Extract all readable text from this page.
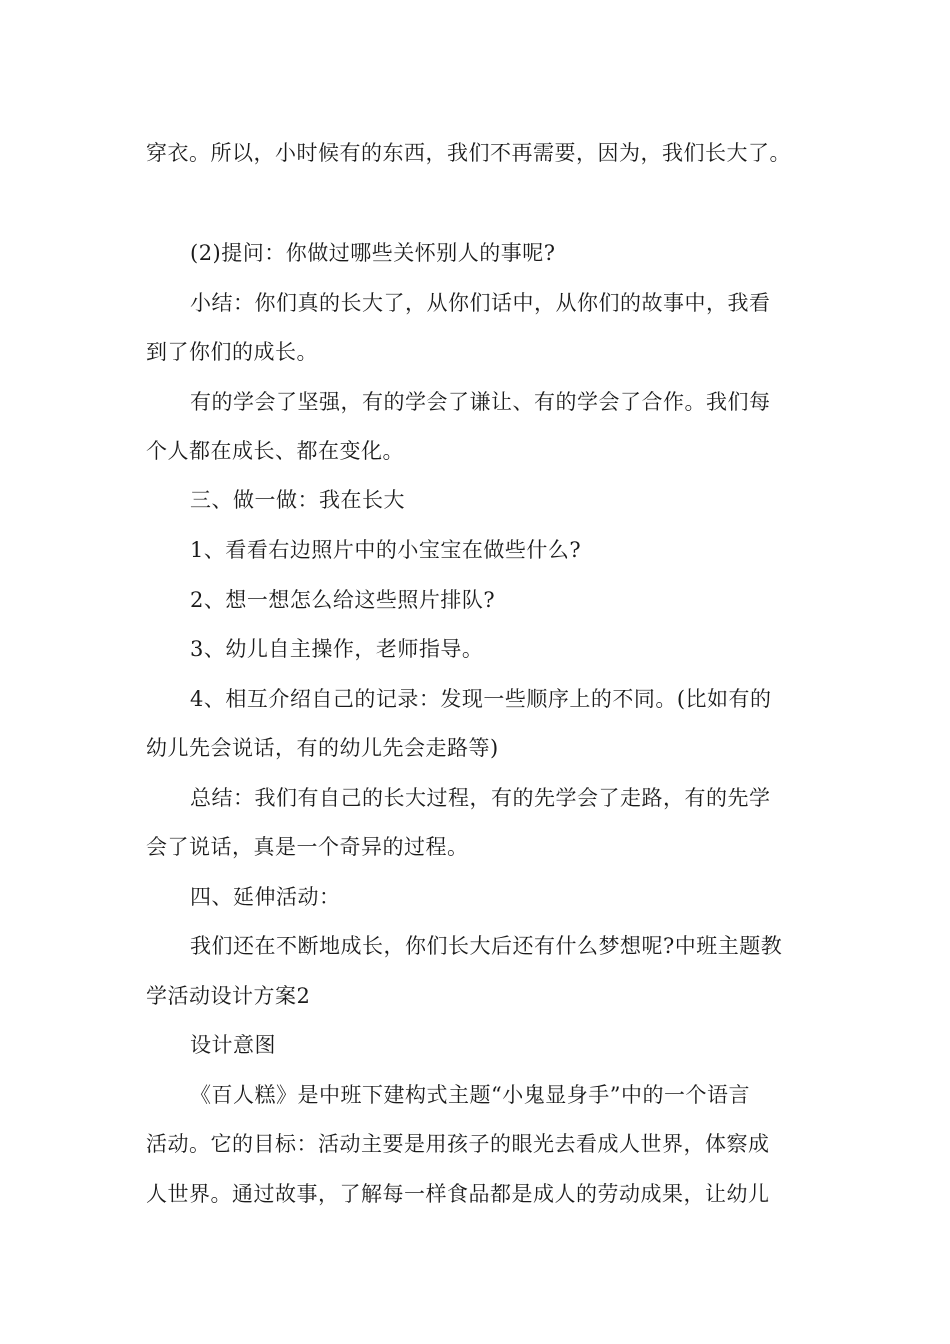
穿衣。所以，小时候有的东西，我们不再需要，因为，我们长大了。
(2)提问：你做过哪些关怀别人的事呢?
小结：你们真的长大了，从你们话中，从你们的故事中，我看
到了你们的成长。
有的学会了坚强，有的学会了谦让、有的学会了合作。我们每
个人都在成长、都在变化。
三、做一做：我在长大
1、看看右边照片中的小宝宝在做些什么?
2、想一想怎么给这些照片排队?
3、幼儿自主操作，老师指导。
4、相互介绍自己的记录：发现一些顺序上的不同。(比如有的
幼儿先会说话，有的幼儿先会走路等)
总结：我们有自己的长大过程，有的先学会了走路，有的先学
会了说话，真是一个奇异的过程。
四、延伸活动：
我们还在不断地成长，你们长大后还有什么梦想呢?中班主题教
学活动设计方案2
设计意图
《百人糕》是中班下建构式主题“小鬼显身手”中的一个语言
活动。它的目标：活动主要是用孩子的眼光去看成人世界，体察成
人世界。通过故事，了解每一样食品都是成人的劳动成果，让幼儿
